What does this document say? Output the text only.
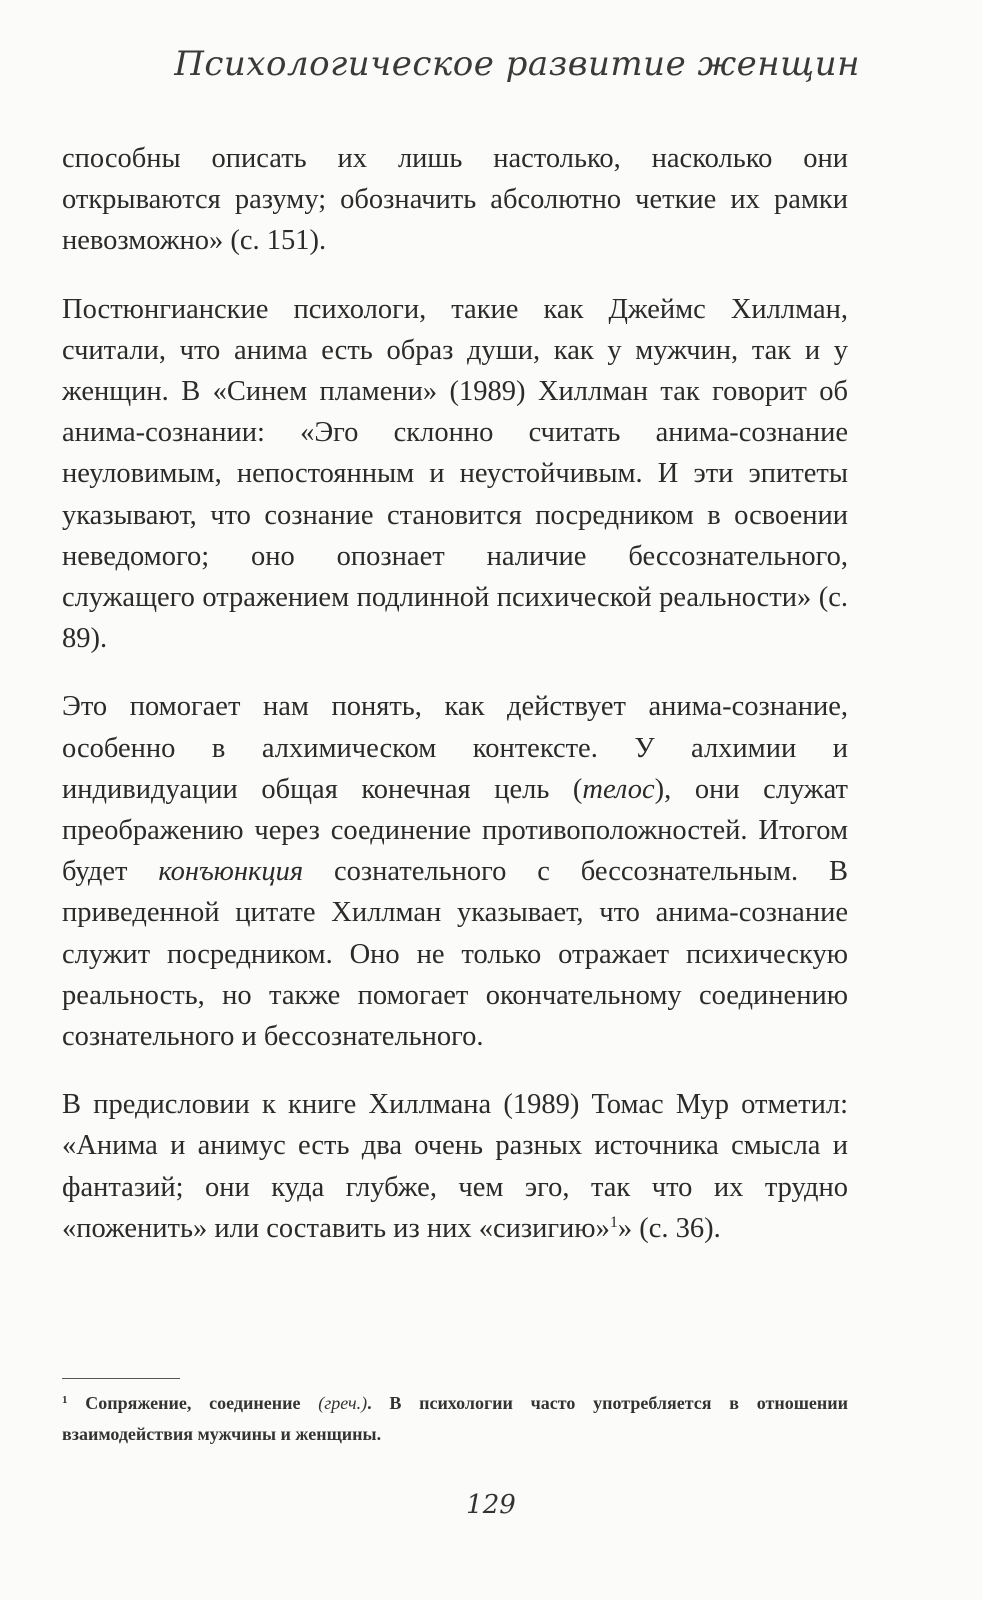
Психологическое развитие женщин

способны описать их лишь настолько, насколько они открываются разуму; обозначить абсолютно четкие их рамки невозможно» (с. 151).

Постюнгианские психологи, такие как Джеймс Хиллман, считали, что анима есть образ души, как у мужчин, так и у женщин. В «Синем пламени» (1989) Хиллман так говорит об анима-сознании: «Эго склонно считать анима-сознание неуловимым, непостоянным и неустойчивым. И эти эпитеты указывают, что сознание становится посредником в освоении неведомого; оно опознает наличие бессознательного, служащего отражением подлинной психической реальности» (с. 89).

Это помогает нам понять, как действует анима-сознание, особенно в алхимическом контексте. У алхимии и индивидуации общая конечная цель (телос), они служат преображению через соединение противоположностей. Итогом будет конъюнкция сознательного с бессознательным. В приведенной цитате Хиллман указывает, что анима-сознание служит посредником. Оно не только отражает психическую реальность, но также помогает окончательному соединению сознательного и бессознательного.

В предисловии к книге Хиллмана (1989) Томас Мур отметил: «Анима и анимус есть два очень разных источника смысла и фантазий; они куда глубже, чем эго, так что их трудно «поженить» или составить из них «сизигию»$^1$» (с. 36).

$^1$ Сопряжение, соединение (греч.). В психологии часто употребляется в отношении взаимодействия мужчины и женщины.
129
